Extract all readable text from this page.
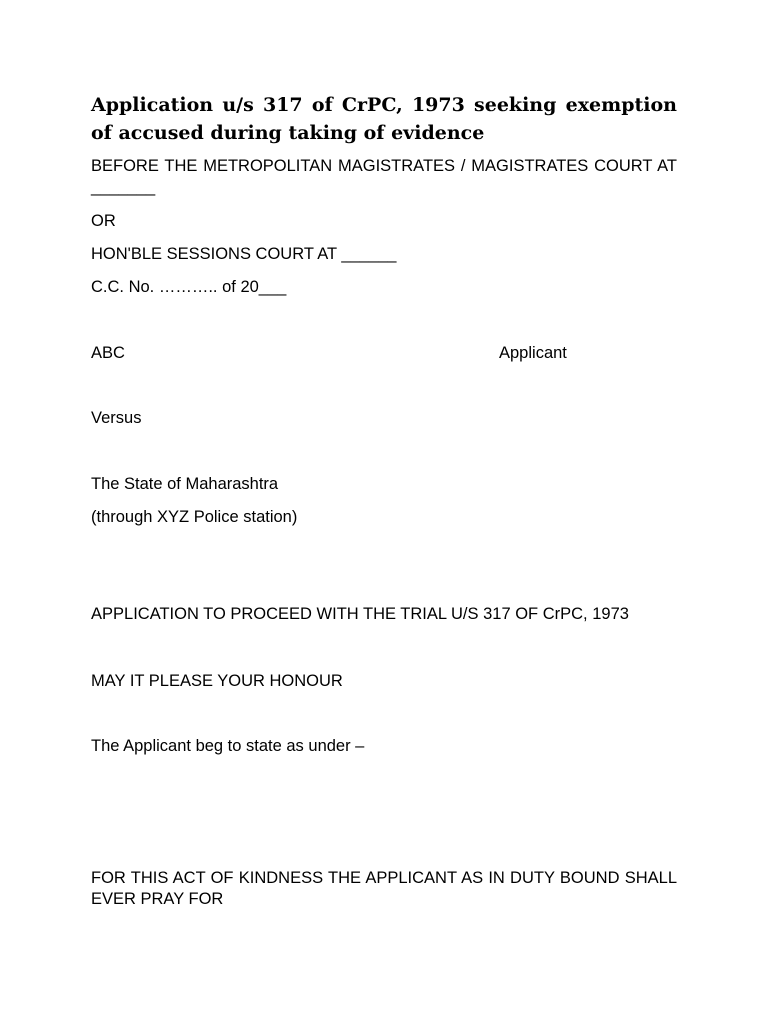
Application u/s 317 of CrPC, 1973 seeking exemption of accused during taking of evidence

BEFORE THE METROPOLITAN MAGISTRATES / MAGISTRATES COURT AT _______

OR

HON'BLE SESSIONS COURT AT ______

C.C. No. ……….. of 20___

ABC	Applicant

Versus

The State of Maharashtra

(through XYZ Police station)

APPLICATION TO PROCEED WITH THE TRIAL U/S 317 OF CrPC, 1973

MAY IT PLEASE YOUR HONOUR

The Applicant beg to state as under –

FOR THIS ACT OF KINDNESS THE APPLICANT AS IN DUTY BOUND SHALL EVER PRAY FOR
